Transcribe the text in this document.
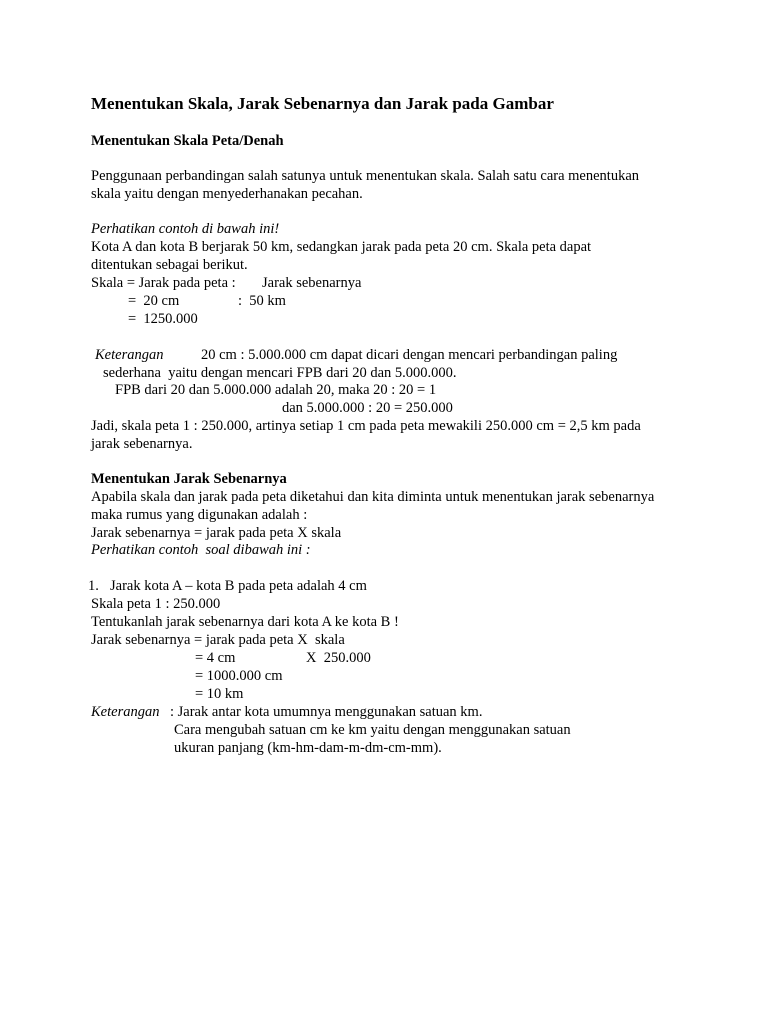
Menentukan Skala, Jarak Sebenarnya dan Jarak pada Gambar
Menentukan Skala Peta/Denah
Penggunaan perbandingan salah satunya untuk menentukan skala. Salah satu cara menentukan
skala yaitu dengan menyederhanakan pecahan.
Perhatikan contoh di bawah ini!
Kota A dan kota B berjarak 50 km, sedangkan jarak pada peta 20 cm. Skala peta dapat
ditentukan sebagai berikut.
Skala = Jarak pada peta : Jarak sebenarnya
=  20 cm	:  50 km
=  1250.000
Keterangan	20 cm : 5.000.000 cm dapat dicari dengan mencari perbandingan paling
sederhana  yaitu dengan mencari FPB dari 20 dan 5.000.000.
FPB dari 20 dan 5.000.000 adalah 20, maka 20 : 20 = 1
dan 5.000.000 : 20 = 250.000
Jadi, skala peta 1 : 250.000, artinya setiap 1 cm pada peta mewakili 250.000 cm = 2,5 km pada
jarak sebenarnya.
Menentukan Jarak Sebenarnya
Apabila skala dan jarak pada peta diketahui dan kita diminta untuk menentukan jarak sebenarnya
maka rumus yang digunakan adalah :
Jarak sebenarnya = jarak pada peta X skala
Perhatikan contoh  soal dibawah ini :
1. Jarak kota A – kota B pada peta adalah 4 cm
Skala peta 1 : 250.000
Tentukanlah jarak sebenarnya dari kota A ke kota B !
Jarak sebenarnya = jarak pada peta X  skala
= 4 cm	X  250.000
= 1000.000 cm
= 10 km
Keterangan : Jarak antar kota umumnya menggunakan satuan km.
Cara mengubah satuan cm ke km yaitu dengan menggunakan satuan
ukuran panjang (km-hm-dam-m-dm-cm-mm).
